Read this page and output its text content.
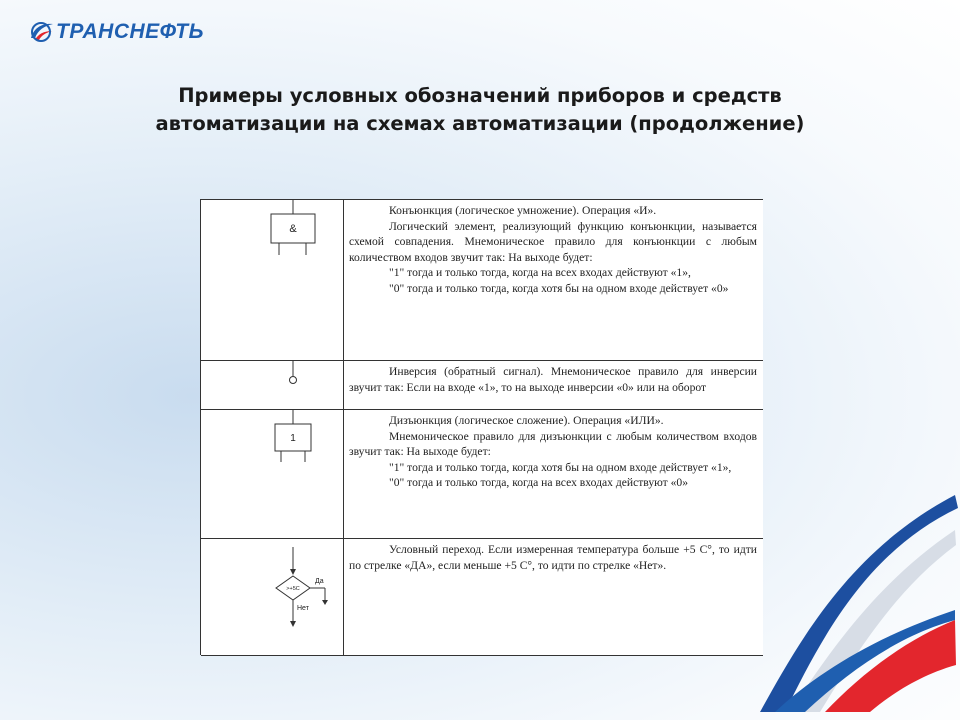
ТРАНСНЕФТЬ
Примеры условных обозначений приборов и средств
автоматизации на схемах автоматизации (продолжение)
&

Конъюнкция (логическое умножение). Операция «И».

Логический элемент, реализующий функцию конъюнкции, называется схемой совпадения. Мнемоническое правило для конъюнкции с любым количеством входов звучит так: На выходе будет:

"1" тогда и только тогда, когда на всех входах действуют «1»,

"0" тогда и только тогда, когда хотя бы на одном входе действует «0»

Инверсия (обратный сигнал). Мнемоническое правило для инверсии звучит так: Если на входе «1», то на выходе инверсии «0» или на оборот

1

Дизъюнкция (логическое сложение). Операция «ИЛИ».

Мнемоническое правило для дизъюнкции с любым количеством входов звучит так: На выходе будет:

"1" тогда и только тогда, когда хотя бы на одном входе действует «1»,

"0" тогда и только тогда, когда на всех входах действуют «0»

>+5C
Да
Нет

Условный переход. Если измеренная температура больше +5 С°, то идти по стрелке «ДА», если меньше +5 С°, то идти по стрелке «Нет».
